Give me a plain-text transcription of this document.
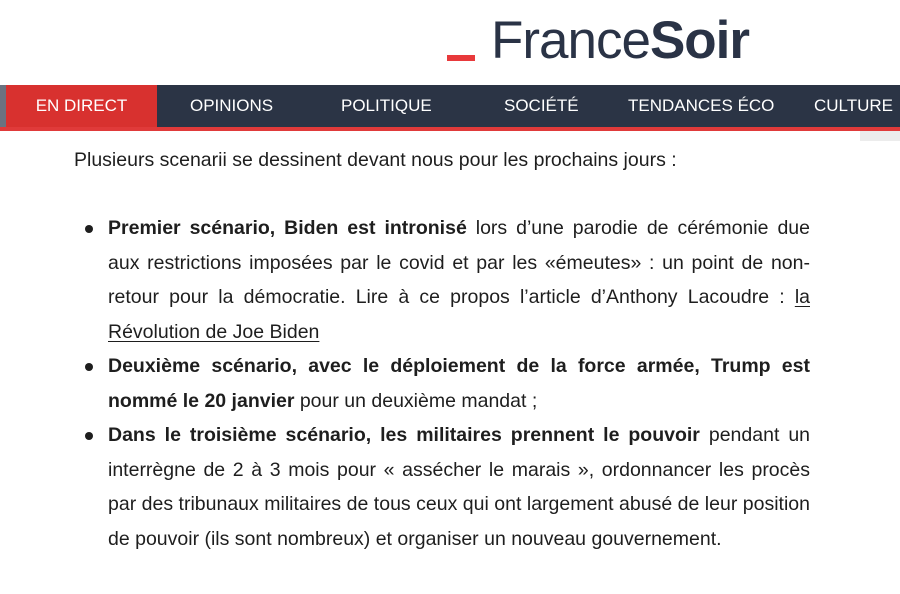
France Soir
EN DIRECT	OPINIONS	POLITIQUE	SOCIÉTÉ	TENDANCES ÉCO CULTURE

Plusieurs scenarii se dessinent devant nous pour les prochains jours :

Premier scénario, Biden est intronisé lors d’une parodie de cérémonie due aux restrictions imposées par le covid et par les «émeutes» : un point de non-retour pour la démocratie. Lire à ce propos l’article d’Anthony Lacoudre : la Révolution de Joe Biden
Deuxième scénario, avec le déploiement de la force armée, Trump est nommé le 20 janvier pour un deuxième mandat ;
Dans le troisième scénario, les militaires prennent le pouvoir pendant un interrègne de 2 à 3 mois pour « assécher le marais », ordonnancer les procès par des tribunaux militaires de tous ceux qui ont largement abusé de leur position de pouvoir (ils sont nombreux) et organiser un nouveau gouvernement.
